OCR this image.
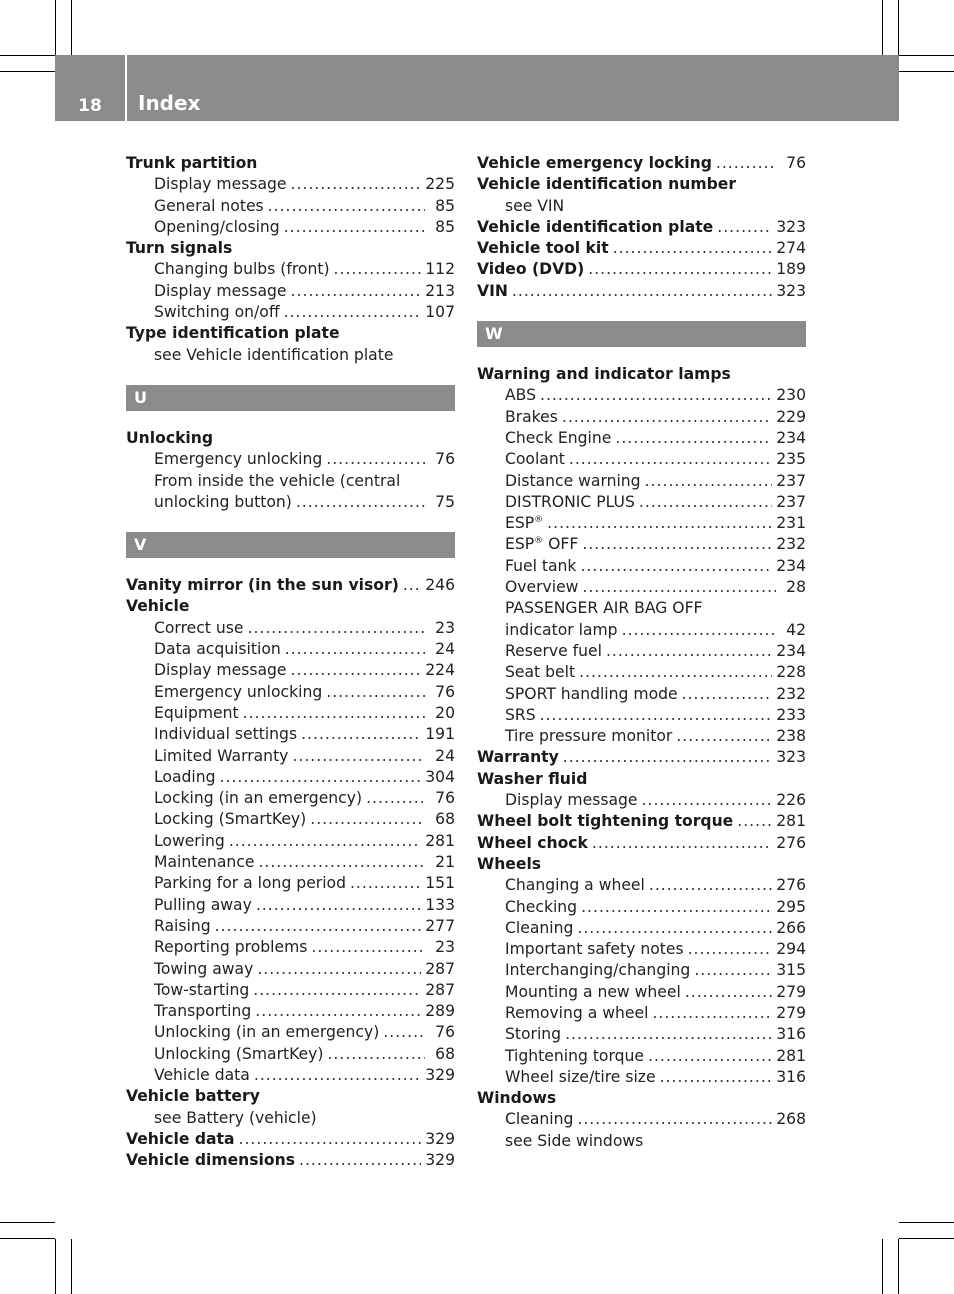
18	Index
Trunk partition
Display message .....	225
General notes .....	85
Opening/closing .....	85
Turn signals
Changing bulbs (front) .....	112
Display message .....	213
Switching on/off .....	107
Type identification plate
see Vehicle identification plate
U
Unlocking
Emergency unlocking .....	76
From inside the vehicle (central
unlocking button) .....	75
V
Vanity mirror (in the sun visor) ..... 246
Vehicle
Correct use .....	23
Data acquisition .....	24
Display message .....	224
Emergency unlocking .....	76
Equipment .....	20
Individual settings .....	191
Limited Warranty .....	24
Loading .....	304
Locking (in an emergency) .....	76
Locking (SmartKey) .....	68
Lowering .....	281
Maintenance .....	21
Parking for a long period .....	151
Pulling away .....	133
Raising .....	277
Reporting problems .....	23
Towing away .....	287
Tow-starting .....	287
Transporting .....	289
Unlocking (in an emergency) .....	76
Unlocking (SmartKey) .....	68
Vehicle data .....	329
Vehicle battery
see Battery (vehicle)
Vehicle data .....	329
Vehicle dimensions .....	329
Vehicle emergency locking .....	76
Vehicle identification number
see VIN
Vehicle identification plate .....	323
Vehicle tool kit .....	274
Video (DVD) .....	189
VIN .....	323
W
Warning and indicator lamps
ABS .....	230
Brakes .....	229
Check Engine .....	234
Coolant .....	235
Distance warning .....	237
DISTRONIC PLUS .....	237
ESP® .....	231
ESP® OFF .....	232
Fuel tank .....	234
Overview .....	28
PASSENGER AIR BAG OFF
indicator lamp .....	42
Reserve fuel .....	234
Seat belt .....	228
SPORT handling mode .....	232
SRS .....	233
Tire pressure monitor .....	238
Warranty .....	323
Washer fluid
Display message .....	226
Wheel bolt tightening torque .....	281
Wheel chock .....	276
Wheels
Changing a wheel .....	276
Checking .....	295
Cleaning .....	266
Important safety notes .....	294
Interchanging/changing .....	315
Mounting a new wheel .....	279
Removing a wheel .....	279
Storing .....	316
Tightening torque .....	281
Wheel size/tire size .....	316
Windows
Cleaning .....	268
see Side windows
